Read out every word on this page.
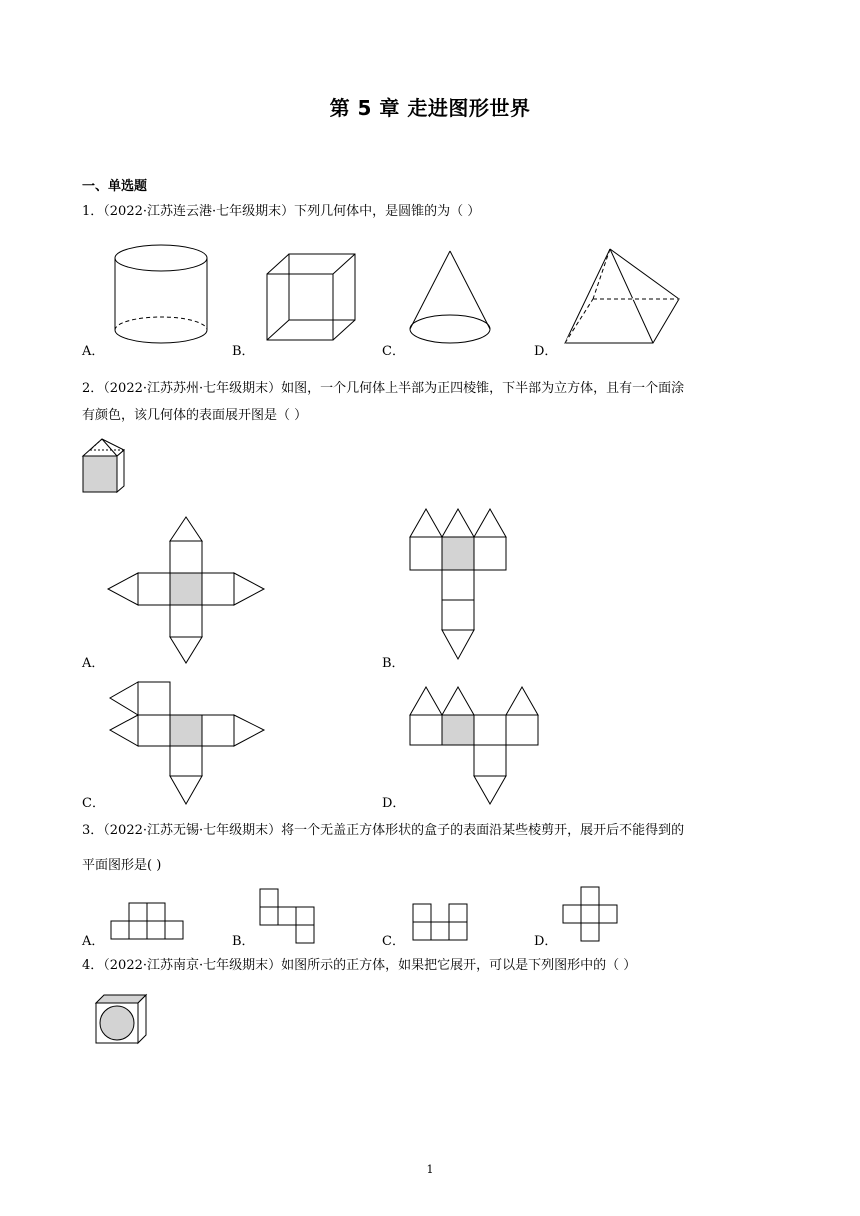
第 5 章 走进图形世界
一、单选题
1．（2022·江苏连云港·七年级期末）下列几何体中，是圆锥的为（ ）
A．	B．	C．	D．
2．（2022·江苏苏州·七年级期末）如图，一个几何体上半部为正四棱锥，下半部为立方体，且有一个面涂
有颜色，该几何体的表面展开图是（ ）
A．	B．
C．	D．
3．（2022·江苏无锡·七年级期末）将一个无盖正方体形状的盒子的表面沿某些棱剪开，展开后不能得到的
平面图形是( )
A．	B．	C．	D．
4．（2022·江苏南京·七年级期末）如图所示的正方体，如果把它展开，可以是下列图形中的（ ）
1
